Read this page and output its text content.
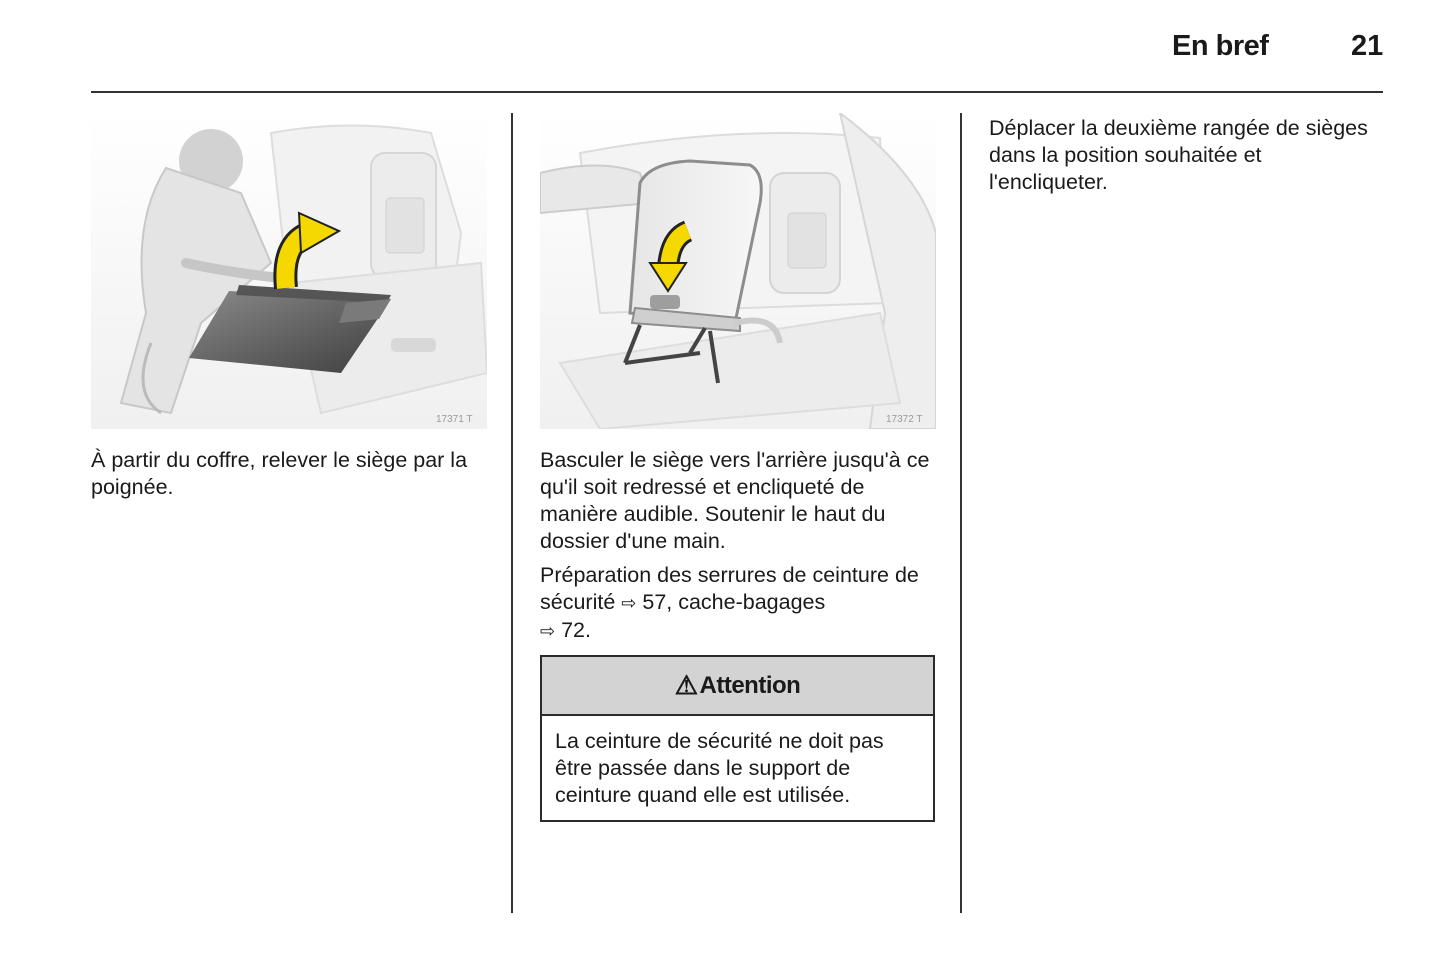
En bref	21
17371 T	17372 T

À partir du coffre, relever le siège par la poignée.

Basculer le siège vers l'arrière jusqu'à ce qu'il soit redressé et encliqueté de manière audible. Soutenir le haut du dossier d'une main.

Préparation des serrures de ceinture de sécurité ⇨ 57, cache-bagages
⇨ 72.

⚠ Attention
La ceinture de sécurité ne doit pas être passée dans le support de ceinture quand elle est utilisée.

Déplacer la deuxième rangée de sièges dans la position souhaitée et l'encliqueter.
